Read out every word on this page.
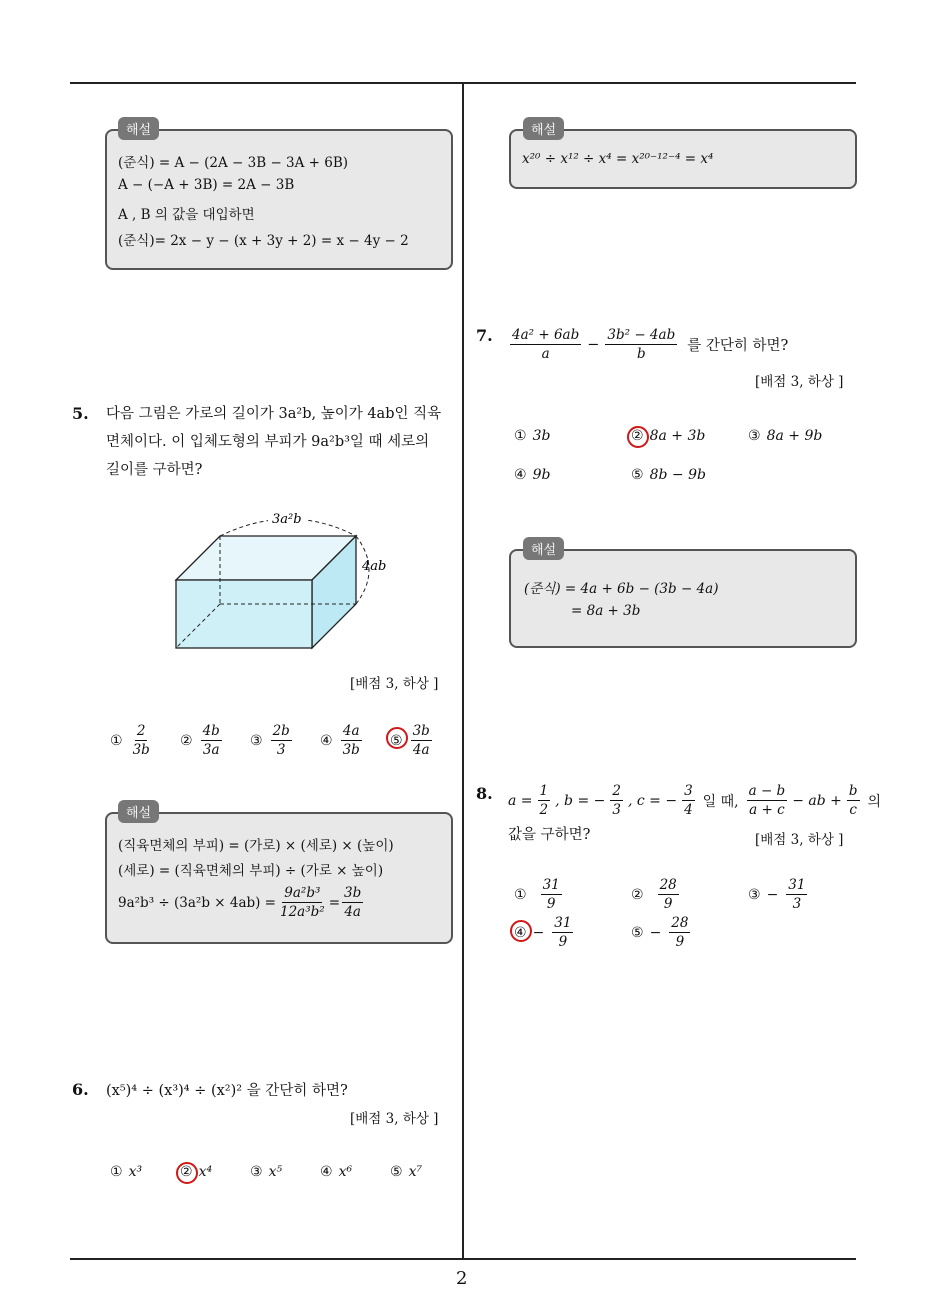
2
해설
(준식) = A − (2A − 3B − 3A + 6B)
A − (−A + 3B) = 2A − 3B
A , B 의 값을 대입하면
(준식)= 2x − y − (x + 3y + 2) = x − 4y − 2
5. 다음 그림은 가로의 길이가 3a²b, 높이가 4ab인 직육
면체이다. 이 입체도형의 부피가 9a²b³일 때 세로의
길이를 구하면?
3a²b
4ab
[배점 3, 하상 ]
① $\frac{2}{3b}$ ② $\frac{4b}{3a}$ ③ $\frac{2b}{3}$ ④ $\frac{4a}{3b}$ ⑤ $\frac{3b}{4a}$
해설
(직육면체의 부피) = (가로) × (세로) × (높이)
(세로) = (직육면체의 부피) ÷ (가로 × 높이)
$9a^2b^3 \div (3a^2b \times 4ab) = \frac{\text{9a²b³}}{\text{12a³b²}} = \frac{3b}{4a}$
6. (x⁵)⁴ ÷ (x³)⁴ ÷ (x²)² 을 간단히 하면?
[배점 3, 하상 ]
① x³	② x⁴	③ x⁵	④ x⁶	⑤ x⁷
해설
x²⁰ ÷ x¹² ÷ x⁴ = x²⁰⁻¹²⁻⁴ = x⁴
7. $\frac{\text{4a² + 6ab}}{a} - \frac{\text{3b² − 4ab}}{b}$ 를 간단히 하면?
[배점 3, 하상 ]
① 3b	② 8a + 3b	③ 8a + 9b
④ 9b	⑤ 8b − 9b
해설
(준식) = 4a + 6b − (3b − 4a)
= 8a + 3b
8. $a = \frac{1}{2}$ , b = − $\frac{2}{3}$ , c = − $\frac{3}{4}$ 일 때, $\frac{a - b}{a + c}$ − ab + $\frac{b}{c}$ 의
값을 구하면?	[배점 3, 하상 ]
① $\frac{31}{9}$	② $\frac{28}{9}$	③ − $\frac{31}{3}$
④ − $\frac{31}{9}$	⑤ − $\frac{28}{9}$
